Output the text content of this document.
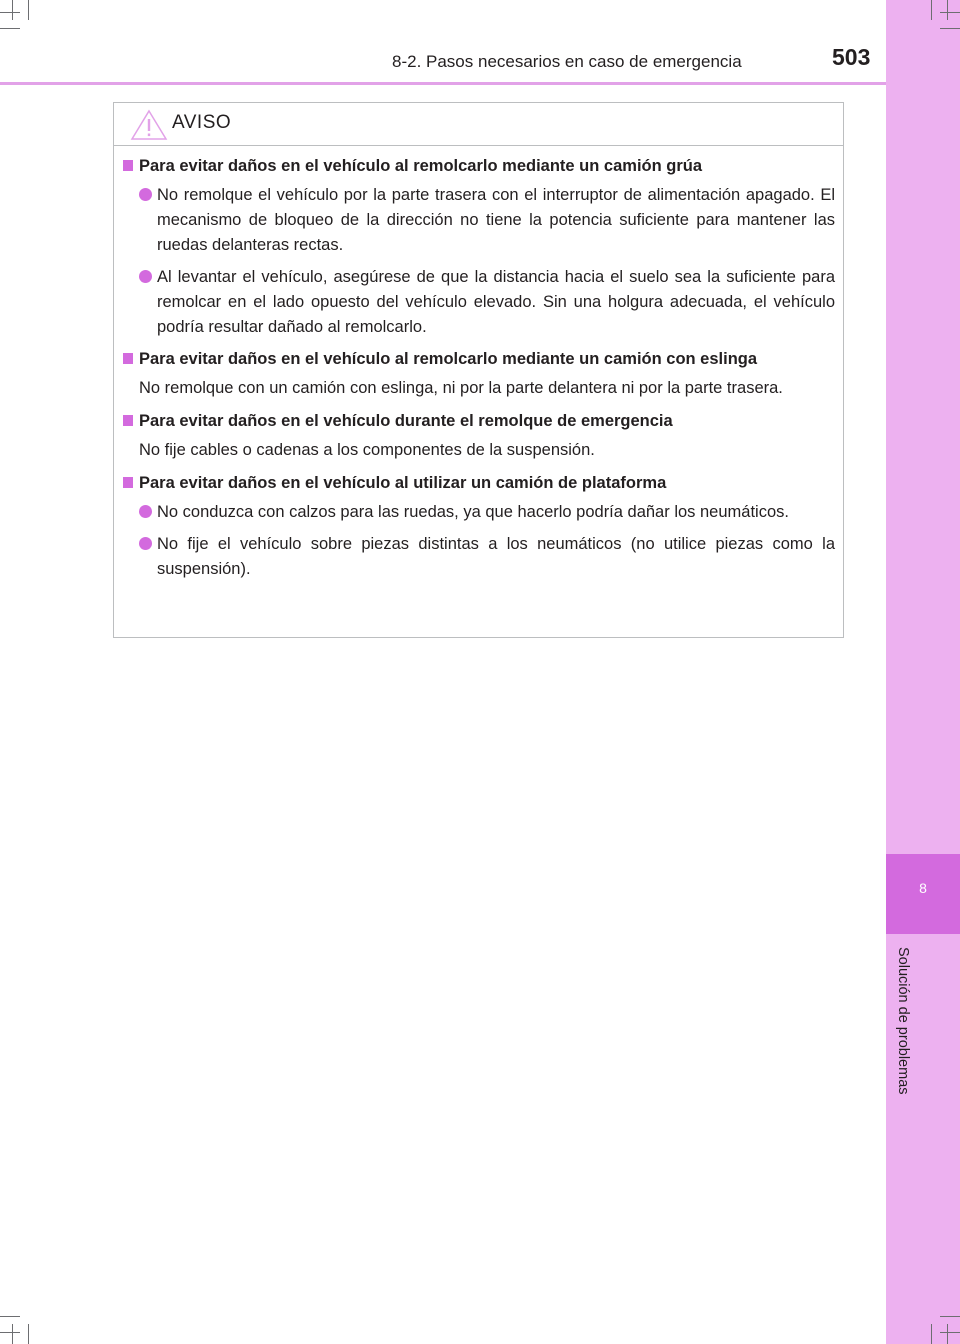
8
Solución de problemas
8-2. Pasos necesarios en caso de emergencia	503
AVISO
Para evitar daños en el vehículo al remolcarlo mediante un camión grúa
No remolque el vehículo por la parte trasera con el interruptor de alimentación apagado. El mecanismo de bloqueo de la dirección no tiene la potencia suficiente para mantener las ruedas delanteras rectas.
Al levantar el vehículo, asegúrese de que la distancia hacia el suelo sea la suficiente para remolcar en el lado opuesto del vehículo elevado. Sin una holgura adecuada, el vehículo podría resultar dañado al remolcarlo.
Para evitar daños en el vehículo al remolcarlo mediante un camión con eslinga
No remolque con un camión con eslinga, ni por la parte delantera ni por la parte trasera.
Para evitar daños en el vehículo durante el remolque de emergencia
No fije cables o cadenas a los componentes de la suspensión.
Para evitar daños en el vehículo al utilizar un camión de plataforma
No conduzca con calzos para las ruedas, ya que hacerlo podría dañar los neumáticos.
No fije el vehículo sobre piezas distintas a los neumáticos (no utilice piezas como la suspensión).
